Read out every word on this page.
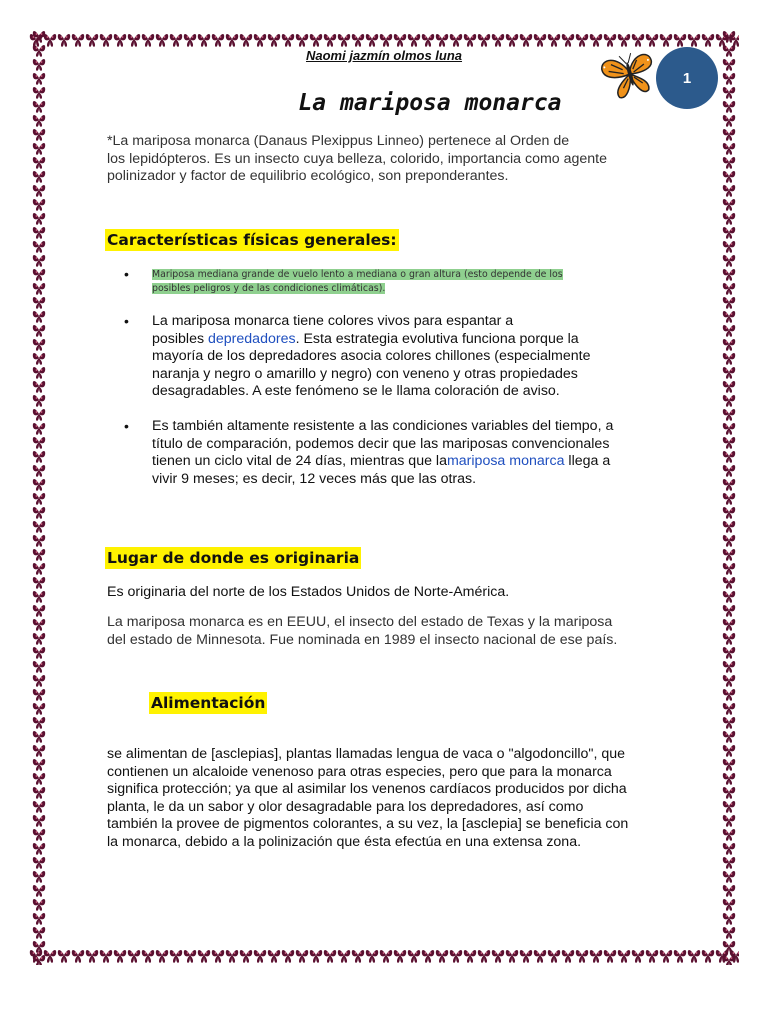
Naomi jazmín olmos luna
1
La mariposa monarca
*La mariposa monarca (Danaus Plexippus Linneo) pertenece al Orden de
los lepidópteros. Es un insecto cuya belleza, colorido, importancia como agente
polinizador y factor de equilibrio ecológico, son preponderantes.
Características físicas generales:
• Mariposa mediana grande de vuelo lento a mediana o gran altura (esto depende de los
posibles peligros y de las condiciones climáticas).
• La mariposa monarca tiene colores vivos para espantar a
posibles depredadores. Esta estrategia evolutiva funciona porque la
mayoría de los depredadores asocia colores chillones (especialmente
naranja y negro o amarillo y negro) con veneno y otras propiedades
desagradables. A este fenómeno se le llama coloración de aviso.
• Es también altamente resistente a las condiciones variables del tiempo, a
título de comparación, podemos decir que las mariposas convencionales
tienen un ciclo vital de 24 días, mientras que lamariposa monarca llega a
vivir 9 meses; es decir, 12 veces más que las otras.
Lugar de donde es originaria
Es originaria del norte de los Estados Unidos de Norte-América.
La mariposa monarca es en EEUU, el insecto del estado de Texas y la mariposa
del estado de Minnesota. Fue nominada en 1989 el insecto nacional de ese país.
Alimentación
se alimentan de [asclepias], plantas llamadas lengua de vaca o "algodoncillo", que
contienen un alcaloide venenoso para otras especies, pero que para la monarca
significa protección; ya que al asimilar los venenos cardíacos producidos por dicha
planta, le da un sabor y olor desagradable para los depredadores, así como
también la provee de pigmentos colorantes, a su vez, la [asclepia] se beneficia con
la monarca, debido a la polinización que ésta efectúa en una extensa zona.
